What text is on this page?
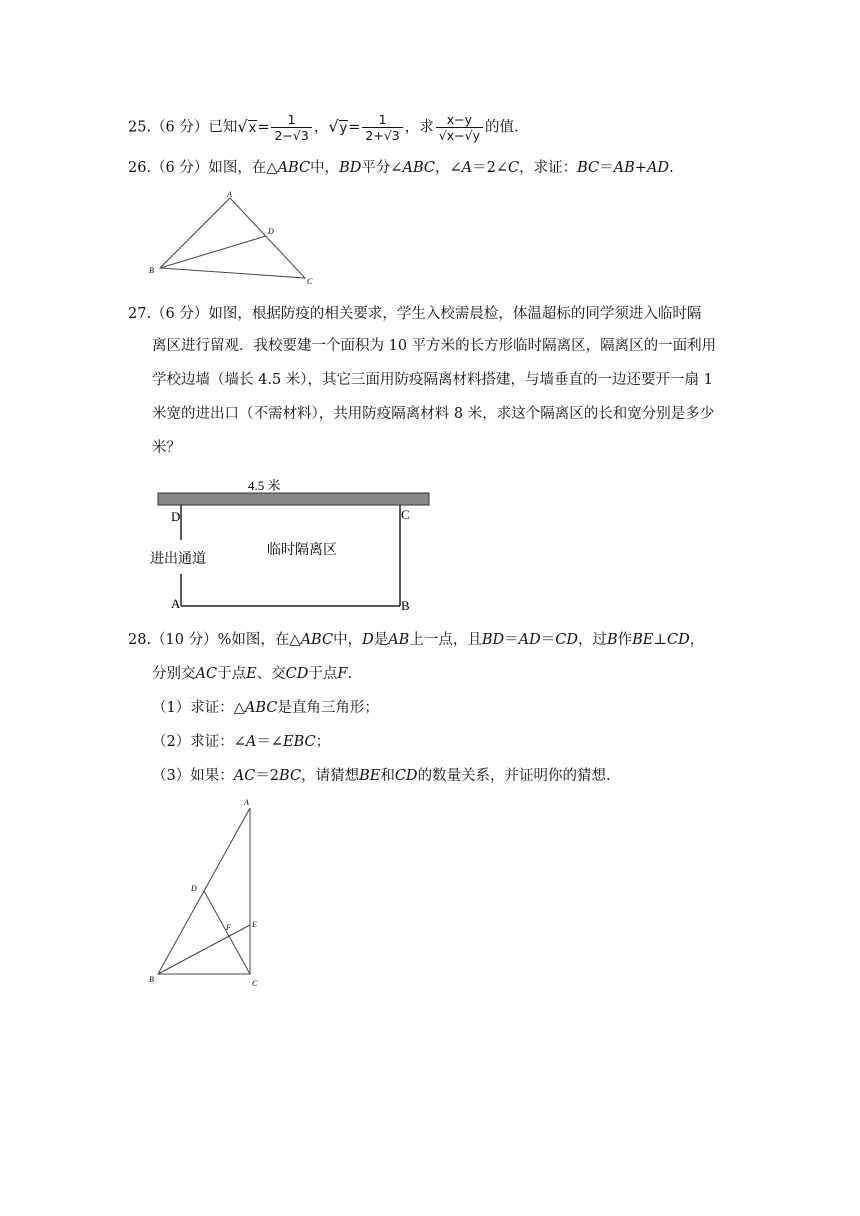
25.（6 分）已知$√x= \frac{1}{2-√3}$ ，$√y= \frac{1}{2+√3}$ ，求 $\frac{x-y}{√x-√y}$ 的值.
26.（6 分）如图，在△ABC中，BD平分∠ABC，∠A＝2∠C，求证：BC＝AB+AD.
A
D
B
C
27.（6 分）如图，根据防疫的相关要求，学生入校需晨检，体温超标的同学须进入临时隔
离区进行留观．我校要建一个面积为 10 平方米的长方形临时隔离区，隔离区的一面利用
学校边墙（墙长 4.5 米），其它三面用防疫隔离材料搭建，与墙垂直的一边还要开一扇 1
米宽的进出口（不需材料），共用防疫隔离材料 8 米，求这个隔离区的长和宽分别是多少
米？
4.5 米
D	C
A	B
进出通道
临时隔离区
28.（10 分）%如图，在△ABC中，D是AB上一点，且BD＝AD＝CD，过B作BE⊥CD，
分别交AC于点E、交CD于点F.
（1）求证：△ABC是直角三角形；
（2）求证：∠A＝∠EBC；
（3）如果：AC＝2BC，请猜想BE和CD的数量关系，并证明你的猜想.
A
D
E
F
B	C
